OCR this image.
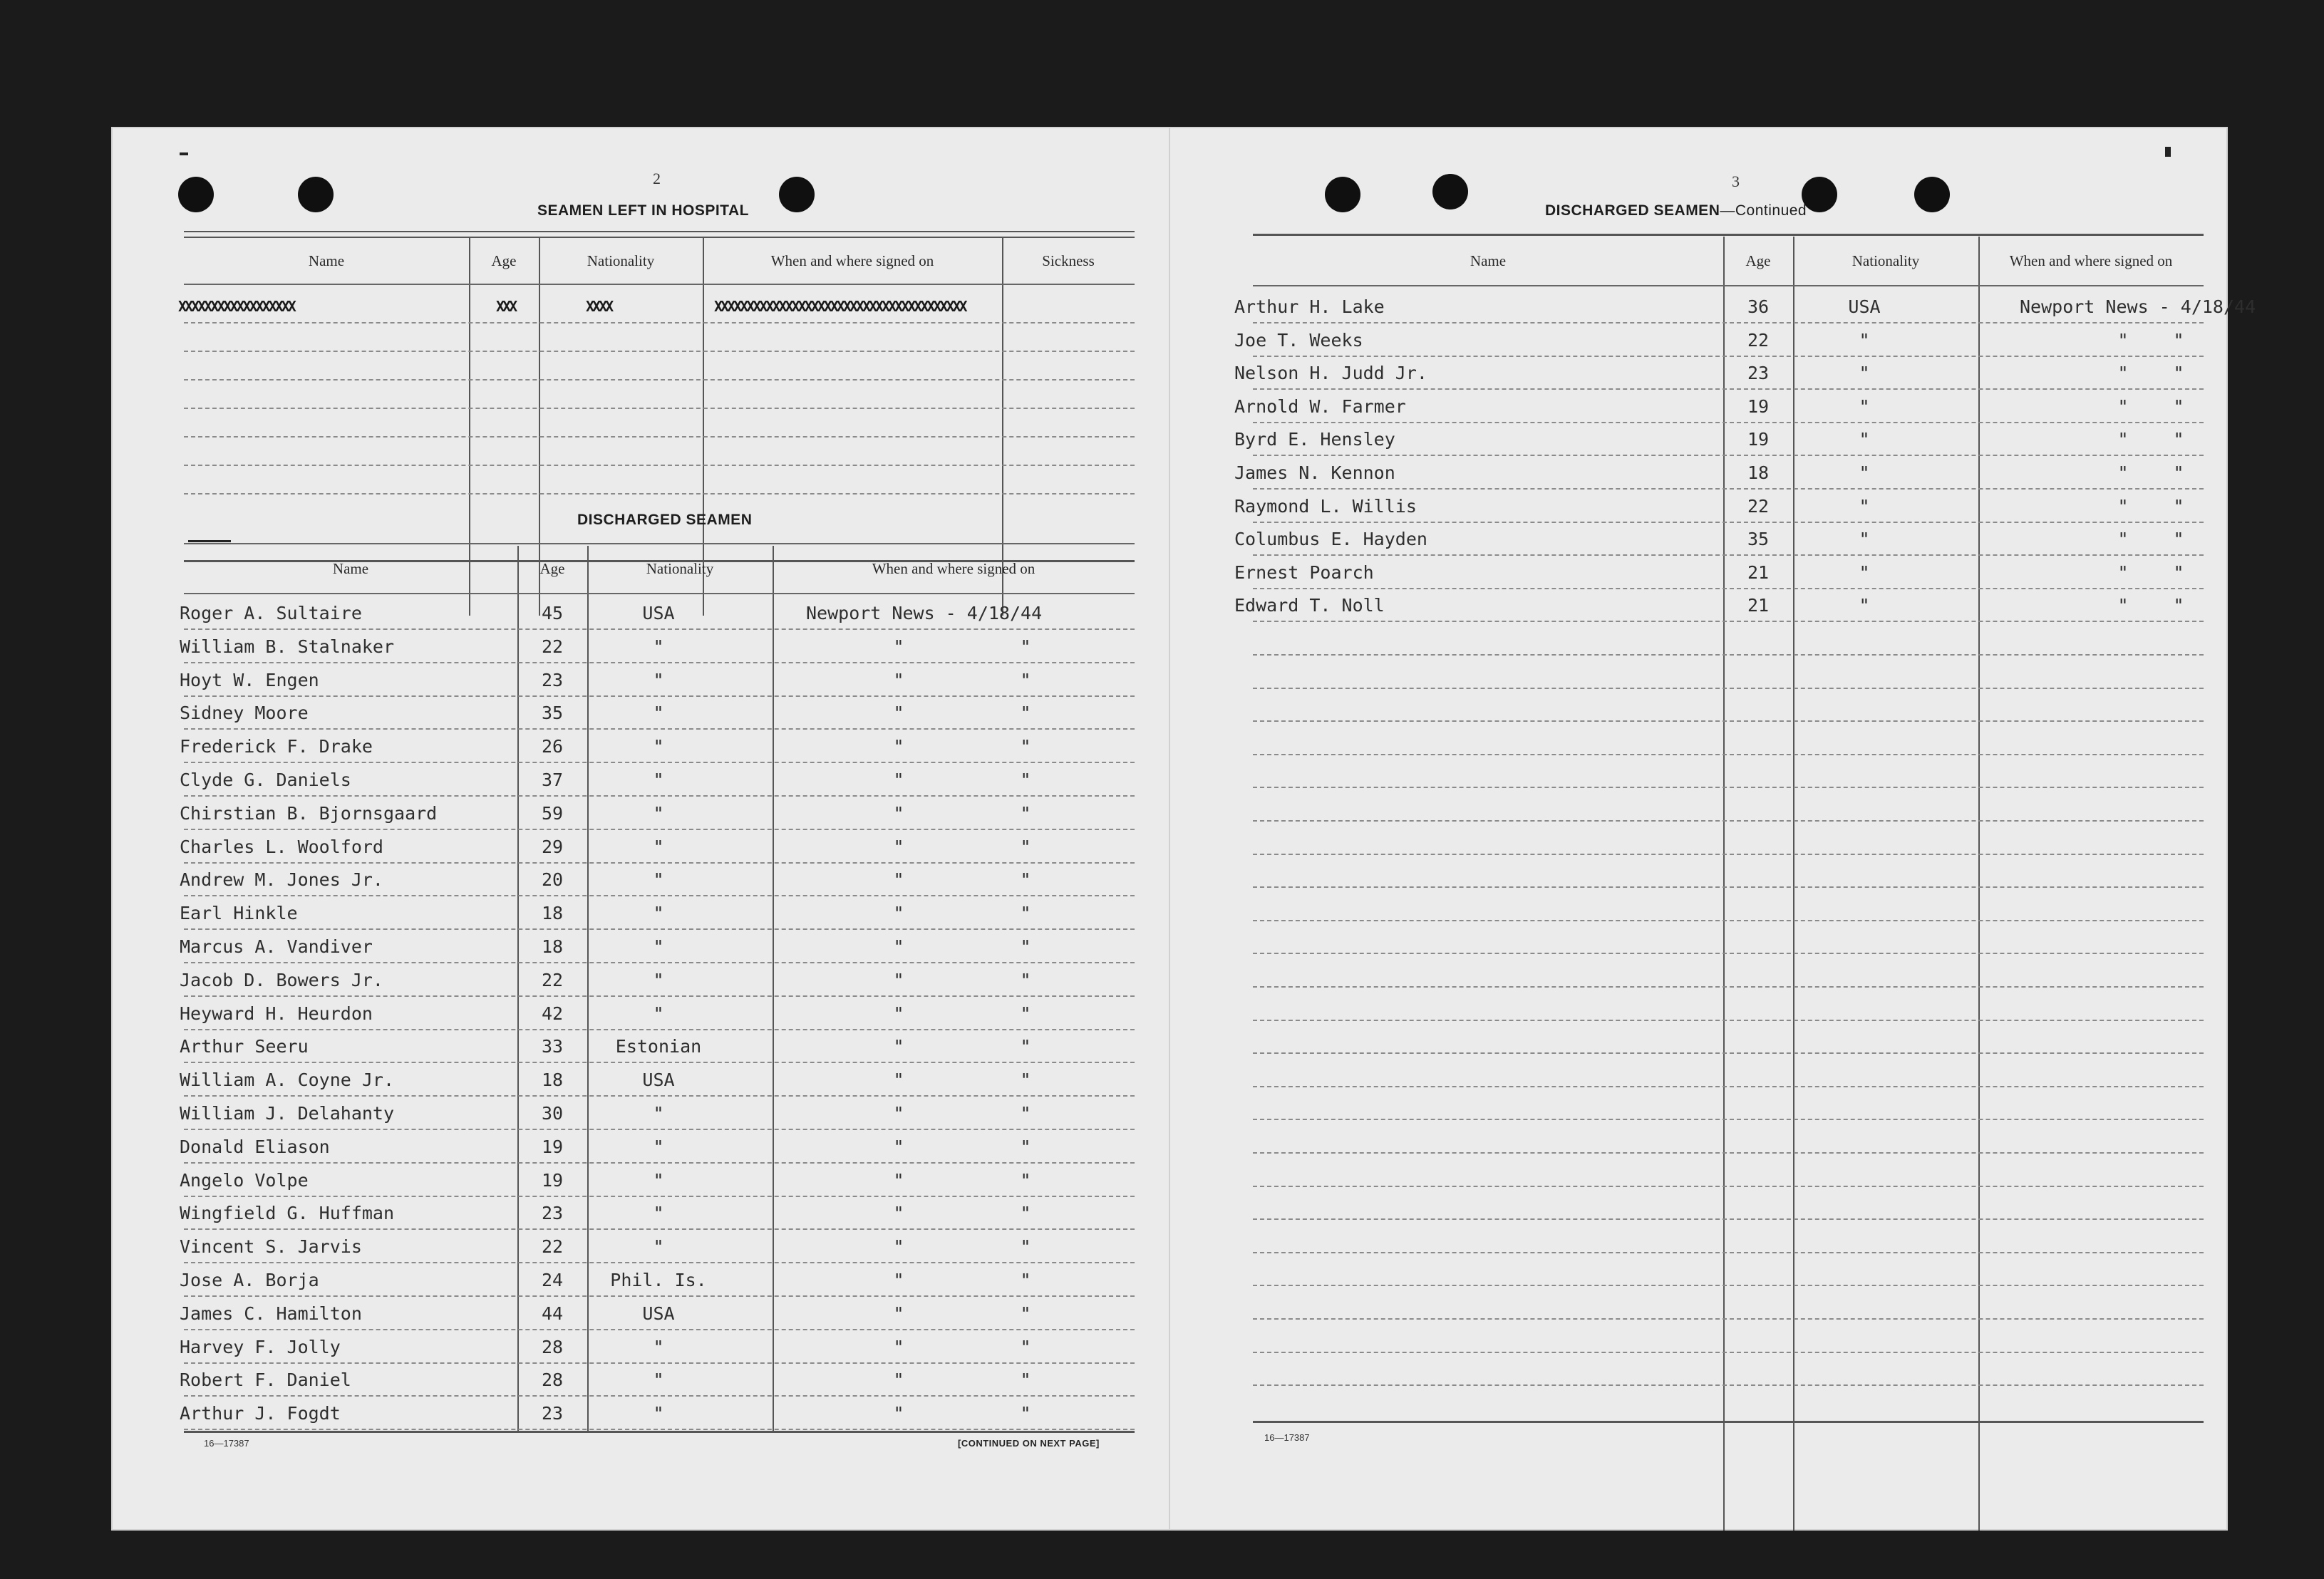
2
SEAMEN LEFT IN HOSPITAL
Name	Age	Nationality	When and where signed on	Sickness
XXXXXXXXXXXXXXXXXX	XXX	XXXX	XXXXXXXXXXXXXXXXXXXXXXXXXXXXXXXXXXXXXXX
DISCHARGED SEAMEN
Name	Age	Nationality	When and where signed on
Roger A. Sultaire	45	USA	Newport News - 4/18/44
William B. Stalnaker	22	"	"	"
Hoyt W. Engen	23	"	"	"
Sidney Moore	35	"	"	"
Frederick F. Drake	26	"	"	"
Clyde G. Daniels	37	"	"	"
Chirstian B. Bjornsgaard	59	"	"	"
Charles L. Woolford	29	"	"	"
Andrew M. Jones Jr.	20	"	"	"
Earl Hinkle	18	"	"	"
Marcus A. Vandiver	18	"	"	"
Jacob D. Bowers Jr.	22	"	"	"
Heyward H. Heurdon	42	"	"	"
Arthur Seeru	33	Estonian	"	"
William A. Coyne Jr.	18	USA	"	"
William J. Delahanty	30	"	"	"
Donald Eliason	19	"	"	"
Angelo Volpe	19	"	"	"
Wingfield G. Huffman	23	"	"	"
Vincent S. Jarvis	22	"	"	"
Jose A. Borja	24	Phil. Is.	"	"
James C. Hamilton	44	USA	"	"
Harvey F. Jolly	28	"	"	"
Robert F. Daniel	28	"	"	"
Arthur J. Fogdt	23	"	"	"
16—17387	[CONTINUED ON NEXT PAGE]
3
DISCHARGED SEAMEN—Continued
Name	Age	Nationality	When and where signed on
Arthur H. Lake	36	USA	Newport News - 4/18/44
Joe T. Weeks	22	"	"	"
Nelson H. Judd Jr.	23	"	"	"
Arnold W. Farmer	19	"	"	"
Byrd E. Hensley	19	"	"	"
James N. Kennon	18	"	"	"
Raymond L. Willis	22	"	"	"
Columbus E. Hayden	35	"	"	"
Ernest Poarch	21	"	"	"
Edward T. Noll	21	"	"	"
16—17387
